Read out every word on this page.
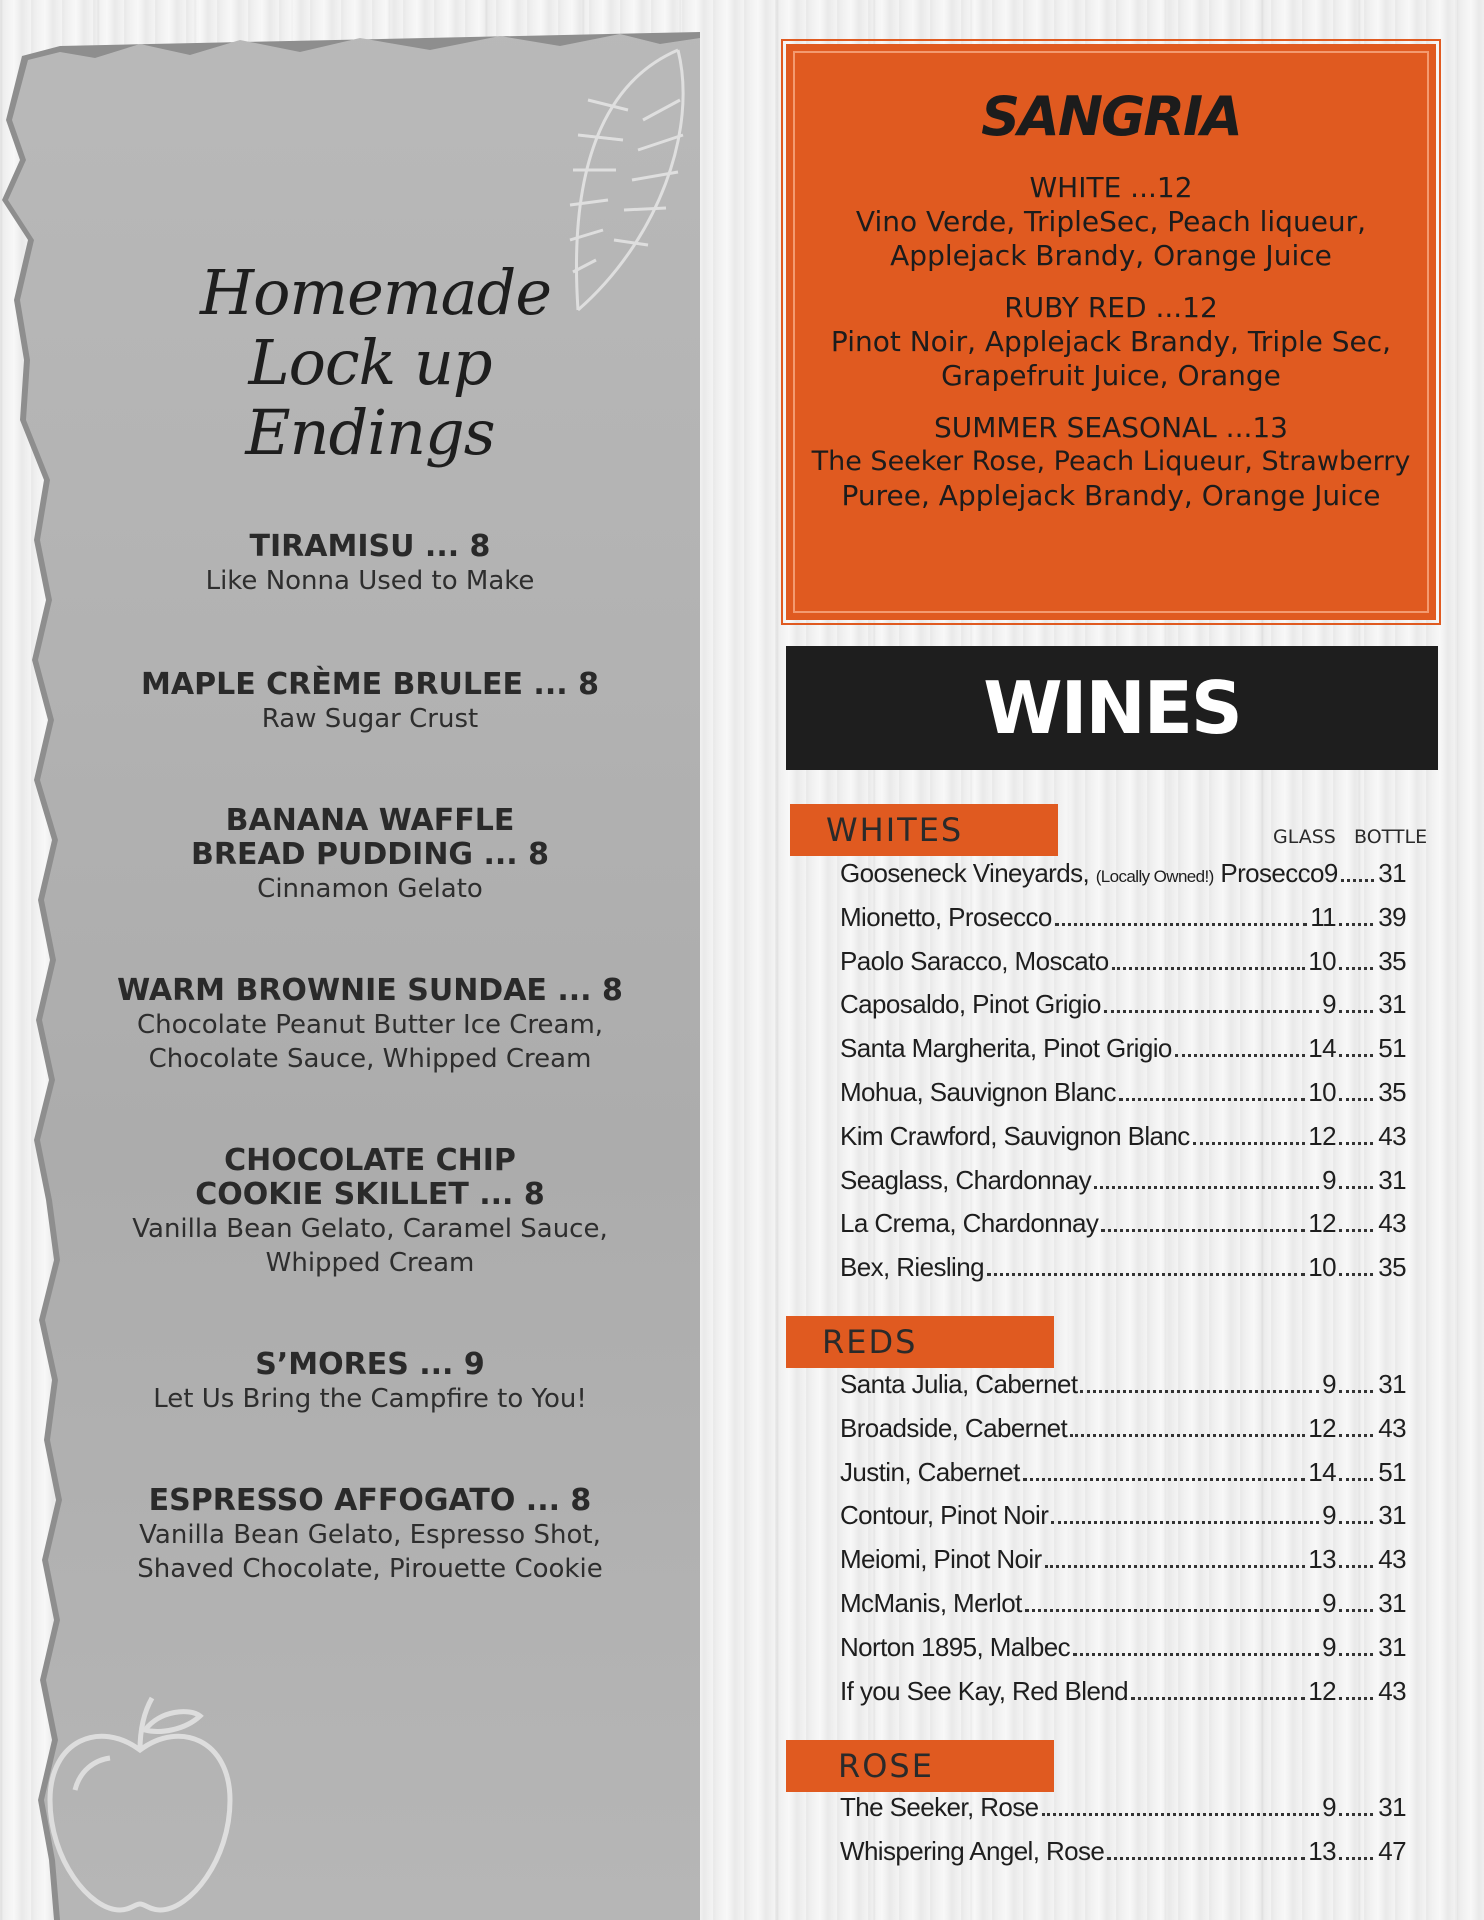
Homemade
Lock up
Endings
TIRAMISU ... 8
Like Nonna Used to Make
MAPLE CRÈME BRULEE ... 8
Raw Sugar Crust
BANANA WAFFLE
BREAD PUDDING ... 8
Cinnamon Gelato
WARM BROWNIE SUNDAE ... 8
Chocolate Peanut Butter Ice Cream,
Chocolate Sauce, Whipped Cream
CHOCOLATE CHIP
COOKIE SKILLET ... 8
Vanilla Bean Gelato, Caramel Sauce,
Whipped Cream
S’MORES ... 9
Let Us Bring the Campfire to You!
ESPRESSO AFFOGATO ... 8
Vanilla Bean Gelato, Espresso Shot,
Shaved Chocolate, Pirouette Cookie
SANGRIA
WHITE ...12
Vino Verde, TripleSec, Peach liqueur,
Applejack Brandy, Orange Juice
RUBY RED ...12
Pinot Noir, Applejack Brandy, Triple Sec,
Grapefruit Juice, Orange
SUMMER SEASONAL ...13
The Seeker Rose, Peach Liqueur, Strawberry
Puree, Applejack Brandy, Orange Juice
WINES
WHITES	GLASS BOTTLE
Gooseneck Vineyards, (Locally Owned!) Prosecco 9 31
Mionetto, Prosecco	11 39
Paolo Saracco, Moscato	10 35
Caposaldo, Pinot Grigio	9 31
Santa Margherita, Pinot Grigio	14 51
Mohua, Sauvignon Blanc	10 35
Kim Crawford, Sauvignon Blanc	12 43
Seaglass, Chardonnay	9 31
La Crema, Chardonnay	12 43
Bex, Riesling	10 35
REDS
Santa Julia, Cabernet	9 31
Broadside, Cabernet	12 43
Justin, Cabernet	14 51
Contour, Pinot Noir	9 31
Meiomi, Pinot Noir	13 43
McManis, Merlot	9 31
Norton 1895, Malbec	9 31
If you See Kay, Red Blend	12 43
ROSE
The Seeker, Rose	9 31
Whispering Angel, Rose	13 47
